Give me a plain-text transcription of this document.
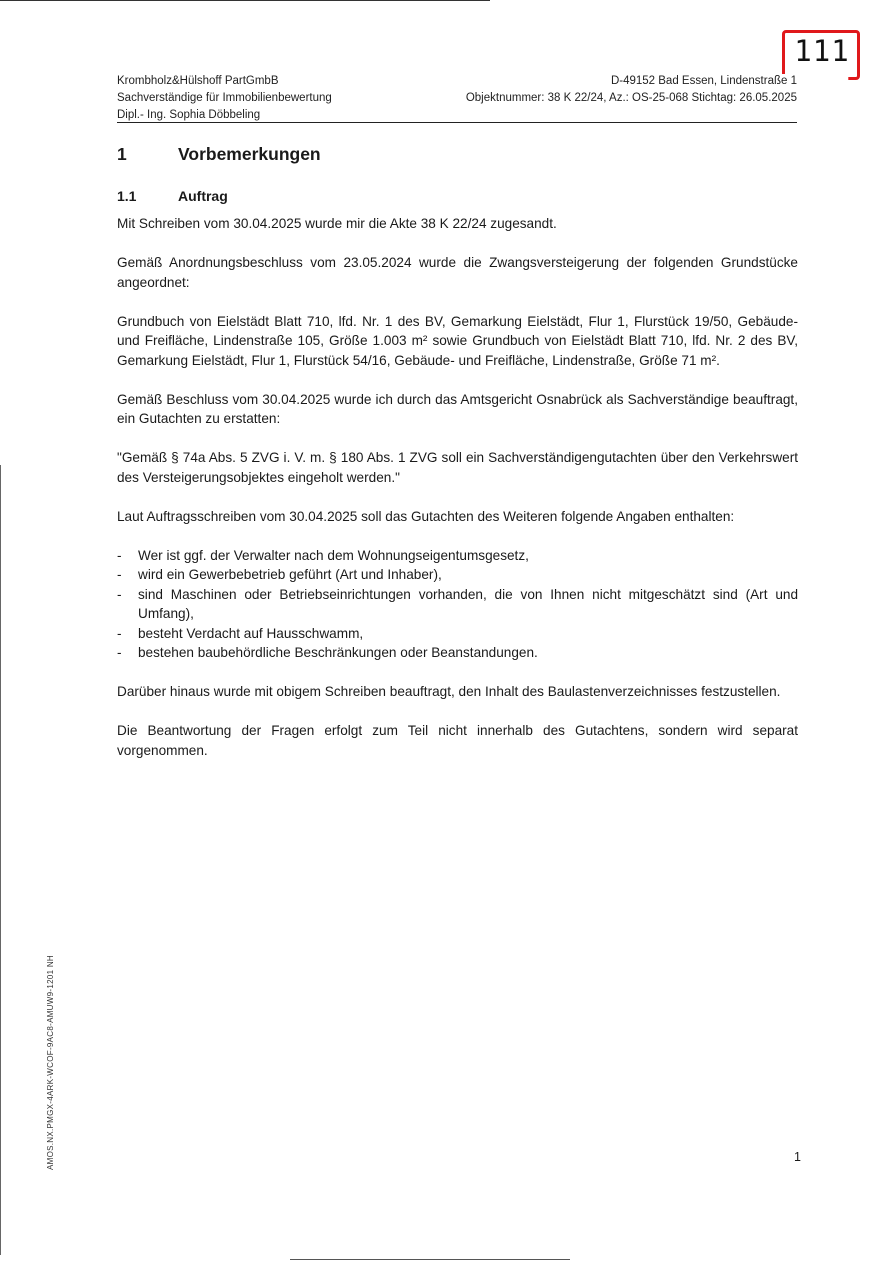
111
Krombholz&Hülshoff PartGmbB
Sachverständige für Immobilienbewertung
Dipl.- Ing. Sophia Döbbeling
D-49152 Bad Essen, Lindenstraße 1
Objektnummer: 38 K 22/24, Az.: OS-25-068 Stichtag: 26.05.2025
1	Vorbemerkungen
1.1	Auftrag

Mit Schreiben vom 30.04.2025 wurde mir die Akte 38 K 22/24 zugesandt.

Gemäß Anordnungsbeschluss vom 23.05.2024 wurde die Zwangsversteigerung der folgenden Grundstücke angeordnet:

Grundbuch von Eielstädt Blatt 710, lfd. Nr. 1 des BV, Gemarkung Eielstädt, Flur 1, Flurstück 19/50, Gebäude- und Freifläche, Lindenstraße 105, Größe 1.003 m² sowie Grundbuch von Eielstädt Blatt 710, lfd. Nr. 2 des BV, Gemarkung Eielstädt, Flur 1, Flurstück 54/16, Gebäude- und Freifläche, Lindenstraße, Größe 71 m².

Gemäß Beschluss vom 30.04.2025 wurde ich durch das Amtsgericht Osnabrück als Sachverständige beauftragt, ein Gutachten zu erstatten:

"Gemäß § 74a Abs. 5 ZVG i. V. m. § 180 Abs. 1 ZVG soll ein Sachverständigengutachten über den Verkehrswert des Versteigerungsobjektes eingeholt werden."

Laut Auftragsschreiben vom 30.04.2025 soll das Gutachten des Weiteren folgende Angaben enthalten:

- Wer ist ggf. der Verwalter nach dem Wohnungseigentumsgesetz,
- wird ein Gewerbebetrieb geführt (Art und Inhaber),
- sind Maschinen oder Betriebseinrichtungen vorhanden, die von Ihnen nicht mitgeschätzt sind (Art und Umfang),
- besteht Verdacht auf Hausschwamm,
- bestehen baubehördliche Beschränkungen oder Beanstandungen.

Darüber hinaus wurde mit obigem Schreiben beauftragt, den Inhalt des Baulastenverzeichnisses festzustellen.

Die Beantwortung der Fragen erfolgt zum Teil nicht innerhalb des Gutachtens, sondern wird separat vorgenommen.

AMOS.NX.PMGX-4ARK-WCOF-9AC8-AMUW9-1201 NH	1
